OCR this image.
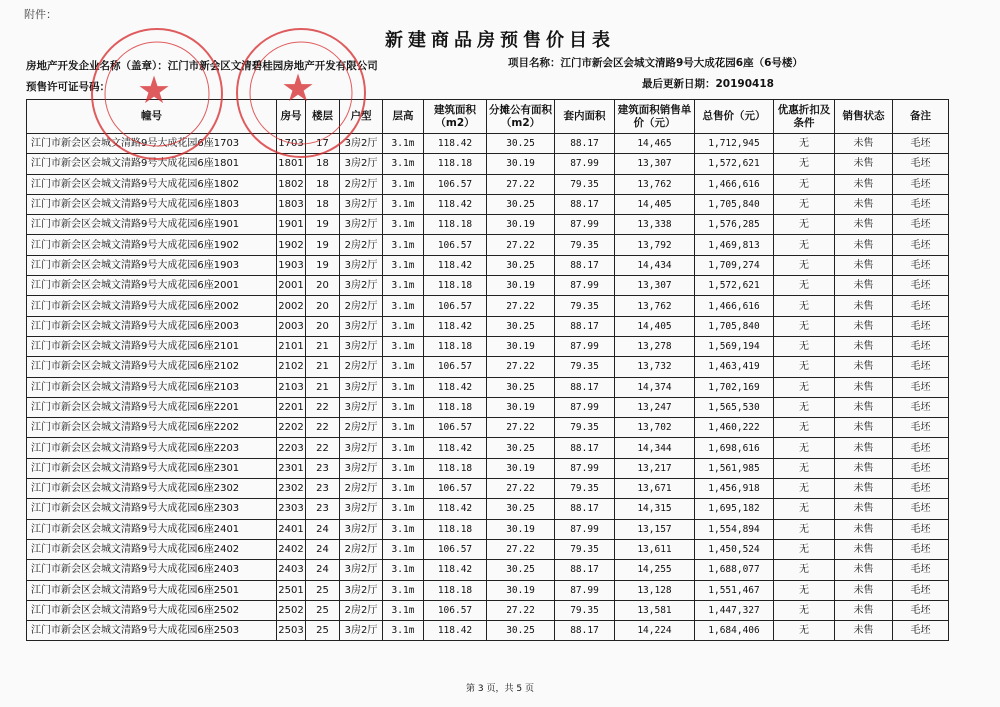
附件：
新建商品房预售价目表
房地产开发企业名称（盖章）：江门市新会区文清碧桂园房地产开发有限公司	项目名称：江门市新会区会城文清路9号大成花园6座（6号楼）
预售许可证号码：	最后更新日期：20190418
幢号	房号	楼层	户型	层高	建筑面积（m2）	分摊公有面积（m2）	套内面积	建筑面积销售单价（元）	总售价（元）	优惠折扣及条件	销售状态	备注
江门市新会区会城文清路9号大成花园6座1703	1703	17	3房2厅	3.1m	118.42	30.25	88.17	14,465	1,712,945	无	未售	毛坯
江门市新会区会城文清路9号大成花园6座1801	1801	18	3房2厅	3.1m	118.18	30.19	87.99	13,307	1,572,621	无	未售	毛坯
江门市新会区会城文清路9号大成花园6座1802	1802	18	2房2厅	3.1m	106.57	27.22	79.35	13,762	1,466,616	无	未售	毛坯
江门市新会区会城文清路9号大成花园6座1803	1803	18	3房2厅	3.1m	118.42	30.25	88.17	14,405	1,705,840	无	未售	毛坯
江门市新会区会城文清路9号大成花园6座1901	1901	19	3房2厅	3.1m	118.18	30.19	87.99	13,338	1,576,285	无	未售	毛坯
江门市新会区会城文清路9号大成花园6座1902	1902	19	2房2厅	3.1m	106.57	27.22	79.35	13,792	1,469,813	无	未售	毛坯
江门市新会区会城文清路9号大成花园6座1903	1903	19	3房2厅	3.1m	118.42	30.25	88.17	14,434	1,709,274	无	未售	毛坯
江门市新会区会城文清路9号大成花园6座2001	2001	20	3房2厅	3.1m	118.18	30.19	87.99	13,307	1,572,621	无	未售	毛坯
江门市新会区会城文清路9号大成花园6座2002	2002	20	2房2厅	3.1m	106.57	27.22	79.35	13,762	1,466,616	无	未售	毛坯
江门市新会区会城文清路9号大成花园6座2003	2003	20	3房2厅	3.1m	118.42	30.25	88.17	14,405	1,705,840	无	未售	毛坯
江门市新会区会城文清路9号大成花园6座2101	2101	21	3房2厅	3.1m	118.18	30.19	87.99	13,278	1,569,194	无	未售	毛坯
江门市新会区会城文清路9号大成花园6座2102	2102	21	2房2厅	3.1m	106.57	27.22	79.35	13,732	1,463,419	无	未售	毛坯
江门市新会区会城文清路9号大成花园6座2103	2103	21	3房2厅	3.1m	118.42	30.25	88.17	14,374	1,702,169	无	未售	毛坯
江门市新会区会城文清路9号大成花园6座2201	2201	22	3房2厅	3.1m	118.18	30.19	87.99	13,247	1,565,530	无	未售	毛坯
江门市新会区会城文清路9号大成花园6座2202	2202	22	2房2厅	3.1m	106.57	27.22	79.35	13,702	1,460,222	无	未售	毛坯
江门市新会区会城文清路9号大成花园6座2203	2203	22	3房2厅	3.1m	118.42	30.25	88.17	14,344	1,698,616	无	未售	毛坯
江门市新会区会城文清路9号大成花园6座2301	2301	23	3房2厅	3.1m	118.18	30.19	87.99	13,217	1,561,985	无	未售	毛坯
江门市新会区会城文清路9号大成花园6座2302	2302	23	2房2厅	3.1m	106.57	27.22	79.35	13,671	1,456,918	无	未售	毛坯
江门市新会区会城文清路9号大成花园6座2303	2303	23	3房2厅	3.1m	118.42	30.25	88.17	14,315	1,695,182	无	未售	毛坯
江门市新会区会城文清路9号大成花园6座2401	2401	24	3房2厅	3.1m	118.18	30.19	87.99	13,157	1,554,894	无	未售	毛坯
江门市新会区会城文清路9号大成花园6座2402	2402	24	2房2厅	3.1m	106.57	27.22	79.35	13,611	1,450,524	无	未售	毛坯
江门市新会区会城文清路9号大成花园6座2403	2403	24	3房2厅	3.1m	118.42	30.25	88.17	14,255	1,688,077	无	未售	毛坯
江门市新会区会城文清路9号大成花园6座2501	2501	25	3房2厅	3.1m	118.18	30.19	87.99	13,128	1,551,467	无	未售	毛坯
江门市新会区会城文清路9号大成花园6座2502	2502	25	2房2厅	3.1m	106.57	27.22	79.35	13,581	1,447,327	无	未售	毛坯
江门市新会区会城文清路9号大成花园6座2503	2503	25	3房2厅	3.1m	118.42	30.25	88.17	14,224	1,684,406	无	未售	毛坯
★	★
第 3 页，共 5 页
